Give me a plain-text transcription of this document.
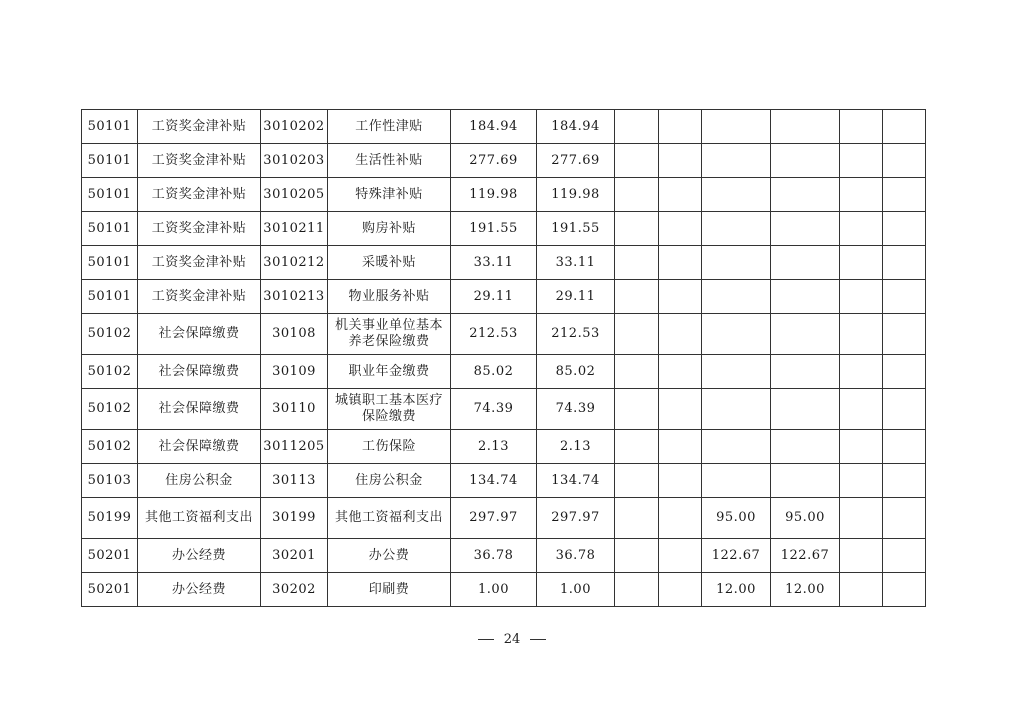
50101	工资奖金津补贴	3010202	工作性津贴	184.94	184.94						
50101	工资奖金津补贴	3010203	生活性补贴	277.69	277.69						
50101	工资奖金津补贴	3010205	特殊津补贴	119.98	119.98						
50101	工资奖金津补贴	3010211	购房补贴	191.55	191.55						
50101	工资奖金津补贴	3010212	采暖补贴	33.11	33.11						
50101	工资奖金津补贴	3010213	物业服务补贴	29.11	29.11						
50102	社会保障缴费	30108	机关事业单位基本养老保险缴费	212.53	212.53						
50102	社会保障缴费	30109	职业年金缴费	85.02	85.02						
50102	社会保障缴费	30110	城镇职工基本医疗保险缴费	74.39	74.39						
50102	社会保障缴费	3011205	工伤保险	2.13	2.13						
50103	住房公积金	30113	住房公积金	134.74	134.74						
50199	其他工资福利支出	30199	其他工资福利支出	297.97	297.97			95.00	95.00		
50201	办公经费	30201	办公费	36.78	36.78			122.67	122.67		
50201	办公经费	30202	印刷费	1.00	1.00			12.00	12.00		
24
